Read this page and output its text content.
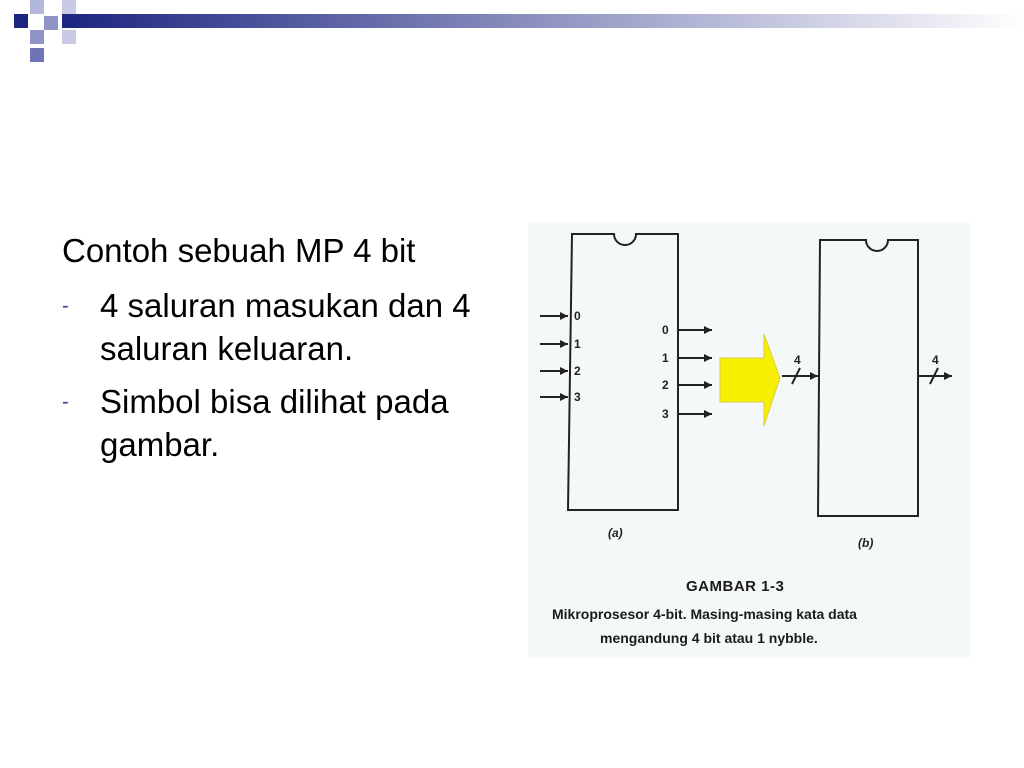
Contoh sebuah MP 4 bit
- 4 saluran masukan dan 4 saluran keluaran.
- Simbol bisa dilihat pada gambar.
0
1
2
3
0
1
2
3
4	4
(a)
(b)
GAMBAR 1-3
Mikroprosesor 4-bit. Masing-masing kata data
mengandung 4 bit atau 1 nybble.
